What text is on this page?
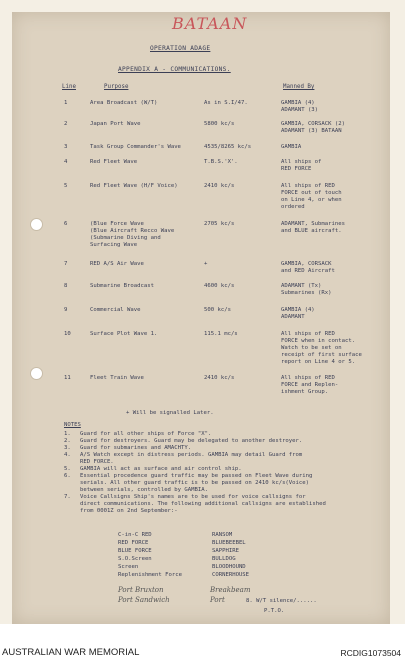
BATAAN
OPERATION ADAGE
APPENDIX A - COMMUNICATIONS.
Line	Purpose	Manned By
1	Area Broadcast (W/T)	As in S.I/47.	GAMBIA (4)
ADAMANT (3)
2	Japan Port Wave	5800 kc/s	GAMBIA, CORSACK (2)
ADAMANT (3) BATAAN
3	Task Group Commander's Wave	4535/8265 kc/s	GAMBIA
4	Red Fleet Wave	T.B.S.'X'.	All ships of
RED FORCE
5	Red Fleet Wave (H/F Voice)	2410 kc/s	All ships of RED
FORCE out of touch
on Line 4, or when
ordered
6	(Blue Force Wave
(Blue Aircraft Recco Wave
(Submarine Diving and
Surfacing Wave
2705 kc/s	ADAMANT, Submarines
and BLUE aircraft.
7	RED A/S Air Wave	+	GAMBIA, CORSACK
and RED Aircraft
8	Submarine Broadcast	4600 kc/s	ADAMANT (Tx)
Submarines (Rx)
9	Commercial Wave	500 kc/s	GAMBIA (4)
ADAMANT
10	Surface Plot Wave 1.	115.1 mc/s	All ships of RED
FORCE when in contact.
Watch to be set on
receipt of first surface
report on Line 4 or 5.
11	Fleet Train Wave	2410 kc/s	All ships of RED
FORCE and Replen-
ishment Group.
+ Will be signalled Later.
NOTES
1. Guard for all other ships of Force "X".
2. Guard for destroyers. Guard may be delegated to another destroyer.
3. Guard for submarines and AMACHTY.
4. A/S Watch except in distress periods. GAMBIA may detail Guard from
RED FORCE.
5. GAMBIA will act as surface and air control ship.
6. Essential procedence guard traffic may be passed on Fleet Wave during
serials. All other guard traffic is to be passed on 2410 kc/s(Voice)
between serials, controlled by GAMBIA.
7. Voice Callsigns Ship's names are to be used for voice callsigns for
direct communications. The following additional callsigns are established
from 0001Z on 2nd September:-
C-in-C RED	RANSOM
RED FORCE	BLUEBEEBEL
BLUE FORCE	SAPPHIRE
S.O.Screen	BULLDOG
Screen	BLOODHOUND
Replenishment Force	CORNERHOUSE
Port Bruxton
Port Sandwich
Breakbeam
Port	8. W/T silence/......
P.T.O.
AUSTRALIAN WAR MEMORIAL	RCDIG1073504
